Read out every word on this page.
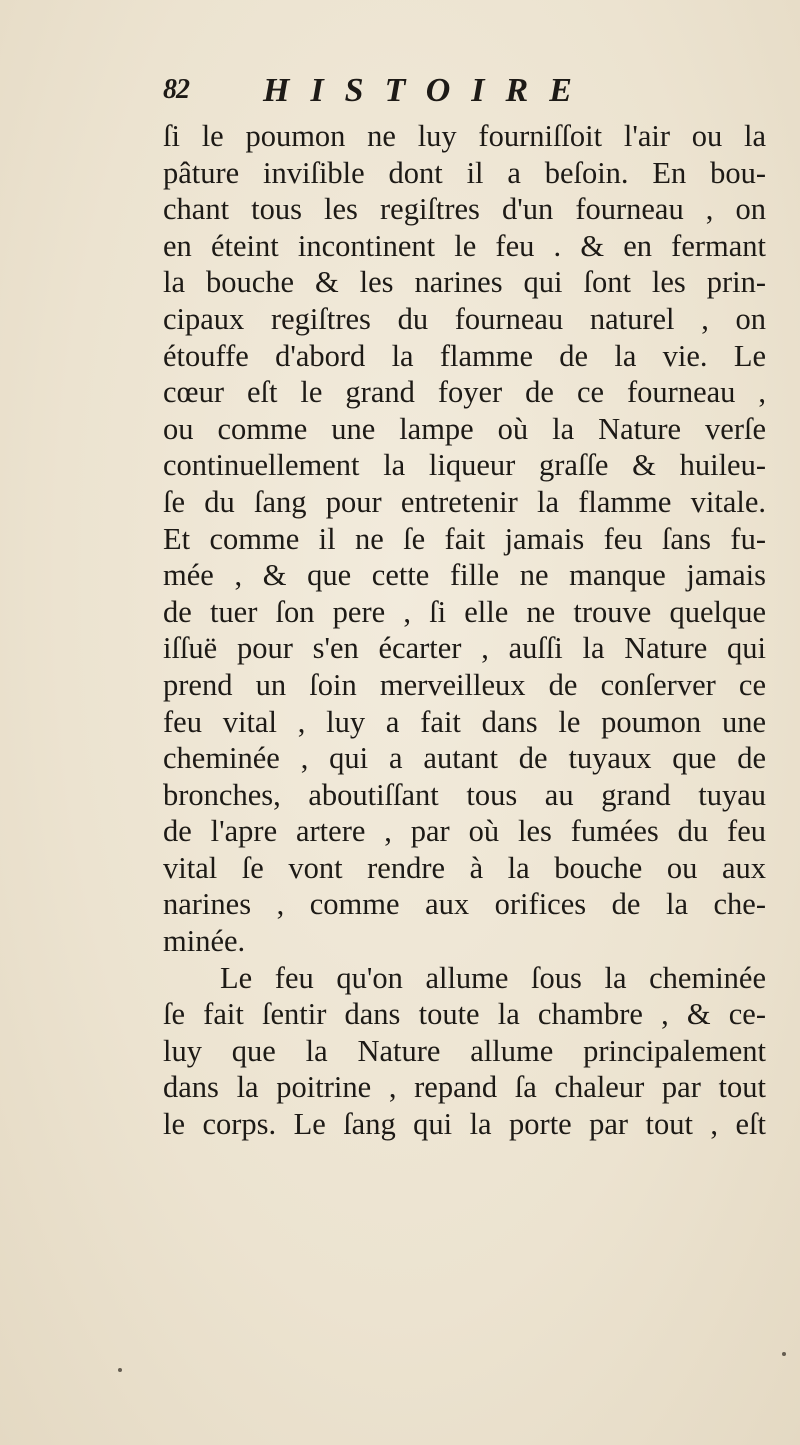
82 HISTOIRE
ſi le poumon ne luy fourniſſoit l'air ou la
pâture inviſible dont il a beſoin. En bou-
chant tous les regiſtres d'un fourneau , on
en éteint incontinent le feu . & en fermant
la bouche & les narines qui ſont les prin-
cipaux regiſtres du fourneau naturel , on
étouffe d'abord la flamme de la vie. Le
cœur eſt le grand foyer de ce fourneau ,
ou comme une lampe où la Nature verſe
continuellement la liqueur graſſe & huileu-
ſe du ſang pour entretenir la flamme vitale.
Et comme il ne ſe fait jamais feu ſans fu-
mée , & que cette fille ne manque jamais
de tuer ſon pere , ſi elle ne trouve quelque
iſſuë pour s'en écarter , auſſi la Nature qui
prend un ſoin merveilleux de conſerver ce
feu vital , luy a fait dans le poumon une
cheminée , qui a autant de tuyaux que de
bronches, aboutiſſant tous au grand tuyau
de l'apre artere , par où les fumées du feu
vital ſe vont rendre à la bouche ou aux
narines , comme aux orifices de la che-
minée.
Le feu qu'on allume ſous la cheminée
ſe fait ſentir dans toute la chambre , & ce-
luy que la Nature allume principalement
dans la poitrine , repand ſa chaleur par tout
le corps. Le ſang qui la porte par tout , eſt
